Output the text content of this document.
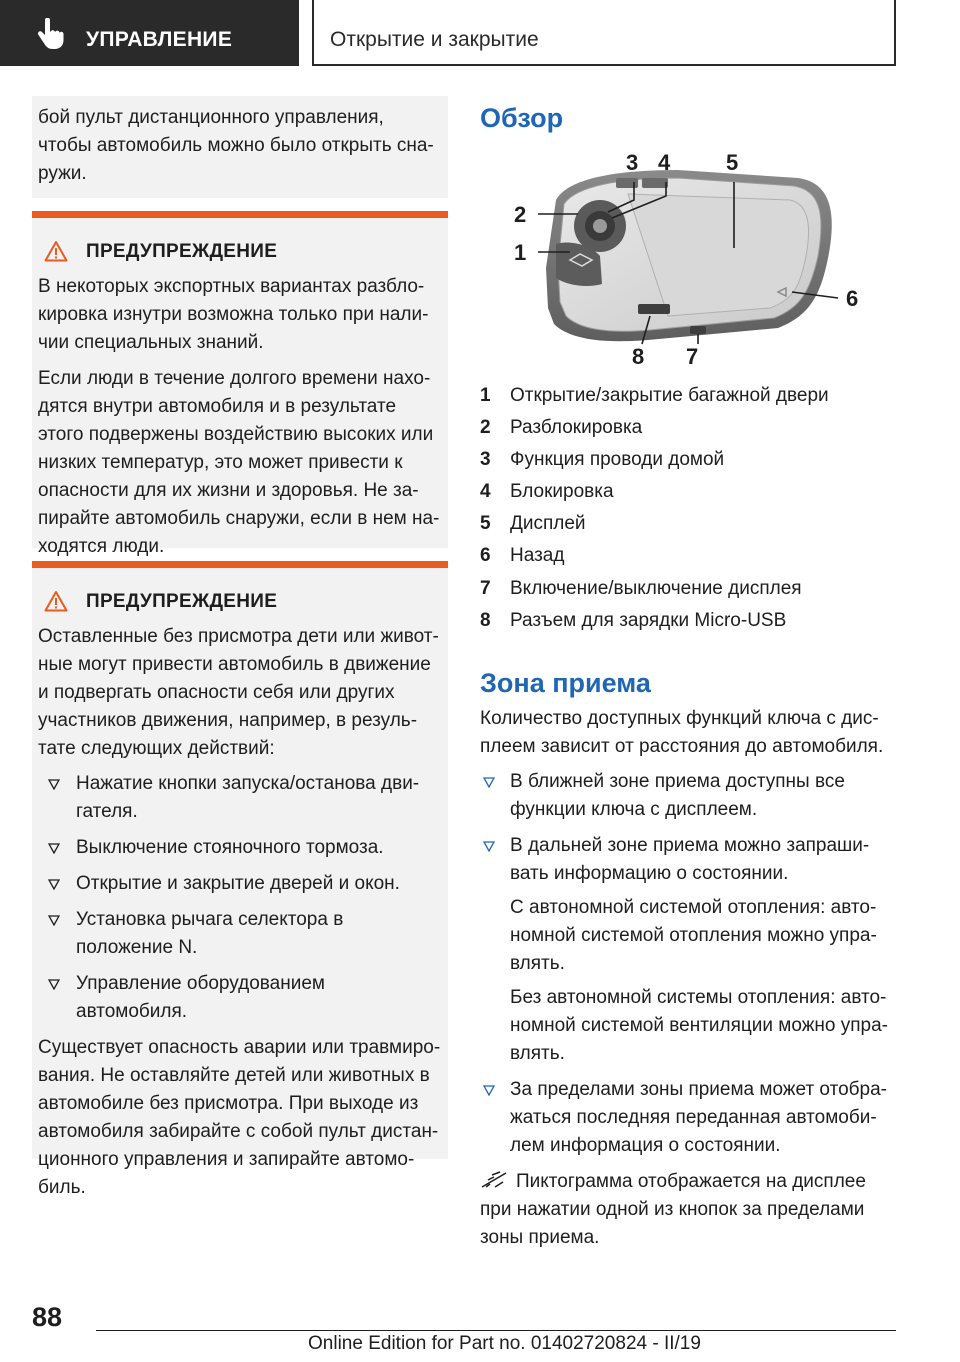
УПРАВЛЕНИЕ	Открытие и закрытие
бой пульт дистанционного управления,
чтобы автомобиль можно было открыть сна-
ружи.
ПРЕДУПРЕЖДЕНИЕ
В некоторых экспортных вариантах разбло-
кировка изнутри возможна только при нали-
чии специальных знаний.
Если люди в течение долгого времени нахо-
дятся внутри автомобиля и в результате
этого подвержены воздействию высоких или
низких температур, это может привести к
опасности для их жизни и здоровья. Не за-
пирайте автомобиль снаружи, если в нем на-
ходятся люди.
ПРЕДУПРЕЖДЕНИЕ
Оставленные без присмотра дети или живот-
ные могут привести автомобиль в движение
и подвергать опасности себя или других
участников движения, например, в резуль-
тате следующих действий:
Нажатие кнопки запуска/останова дви-
гателя.
Выключение стояночного тормоза.
Открытие и закрытие дверей и окон.
Установка рычага селектора в
положение N.
Управление оборудованием
автомобиля.
Существует опасность аварии или травмиро-
вания. Не оставляйте детей или животных в
автомобиле без присмотра. При выходе из
автомобиля забирайте с собой пульт дистан-
ционного управления и запирайте автомо-
биль.
Обзор
1
2
3 4	5
6
7
8
1 Открытие/закрытие багажной двери
2 Разблокировка
3 Функция проводи домой
4 Блокировка
5 Дисплей
6 Назад
7 Включение/выключение дисплея
8 Разъем для зарядки Micro-USB
Зона приема
Количество доступных функций ключа с дис-
плеем зависит от расстояния до автомобиля.
В ближней зоне приема доступны все
функции ключа с дисплеем.
В дальней зоне приема можно запраши-
вать информацию о состоянии.
С автономной системой отопления: авто-
номной системой отопления можно упра-
влять.
Без автономной системы отопления: авто-
номной системой вентиляции можно упра-
влять.
За пределами зоны приема может отобра-
жаться последняя переданная автомоби-
лем информация о состоянии.
Пиктограмма отображается на дисплее
при нажатии одной из кнопок за пределами
зоны приема.
88
Online Edition for Part no. 01402720824 - II/19
